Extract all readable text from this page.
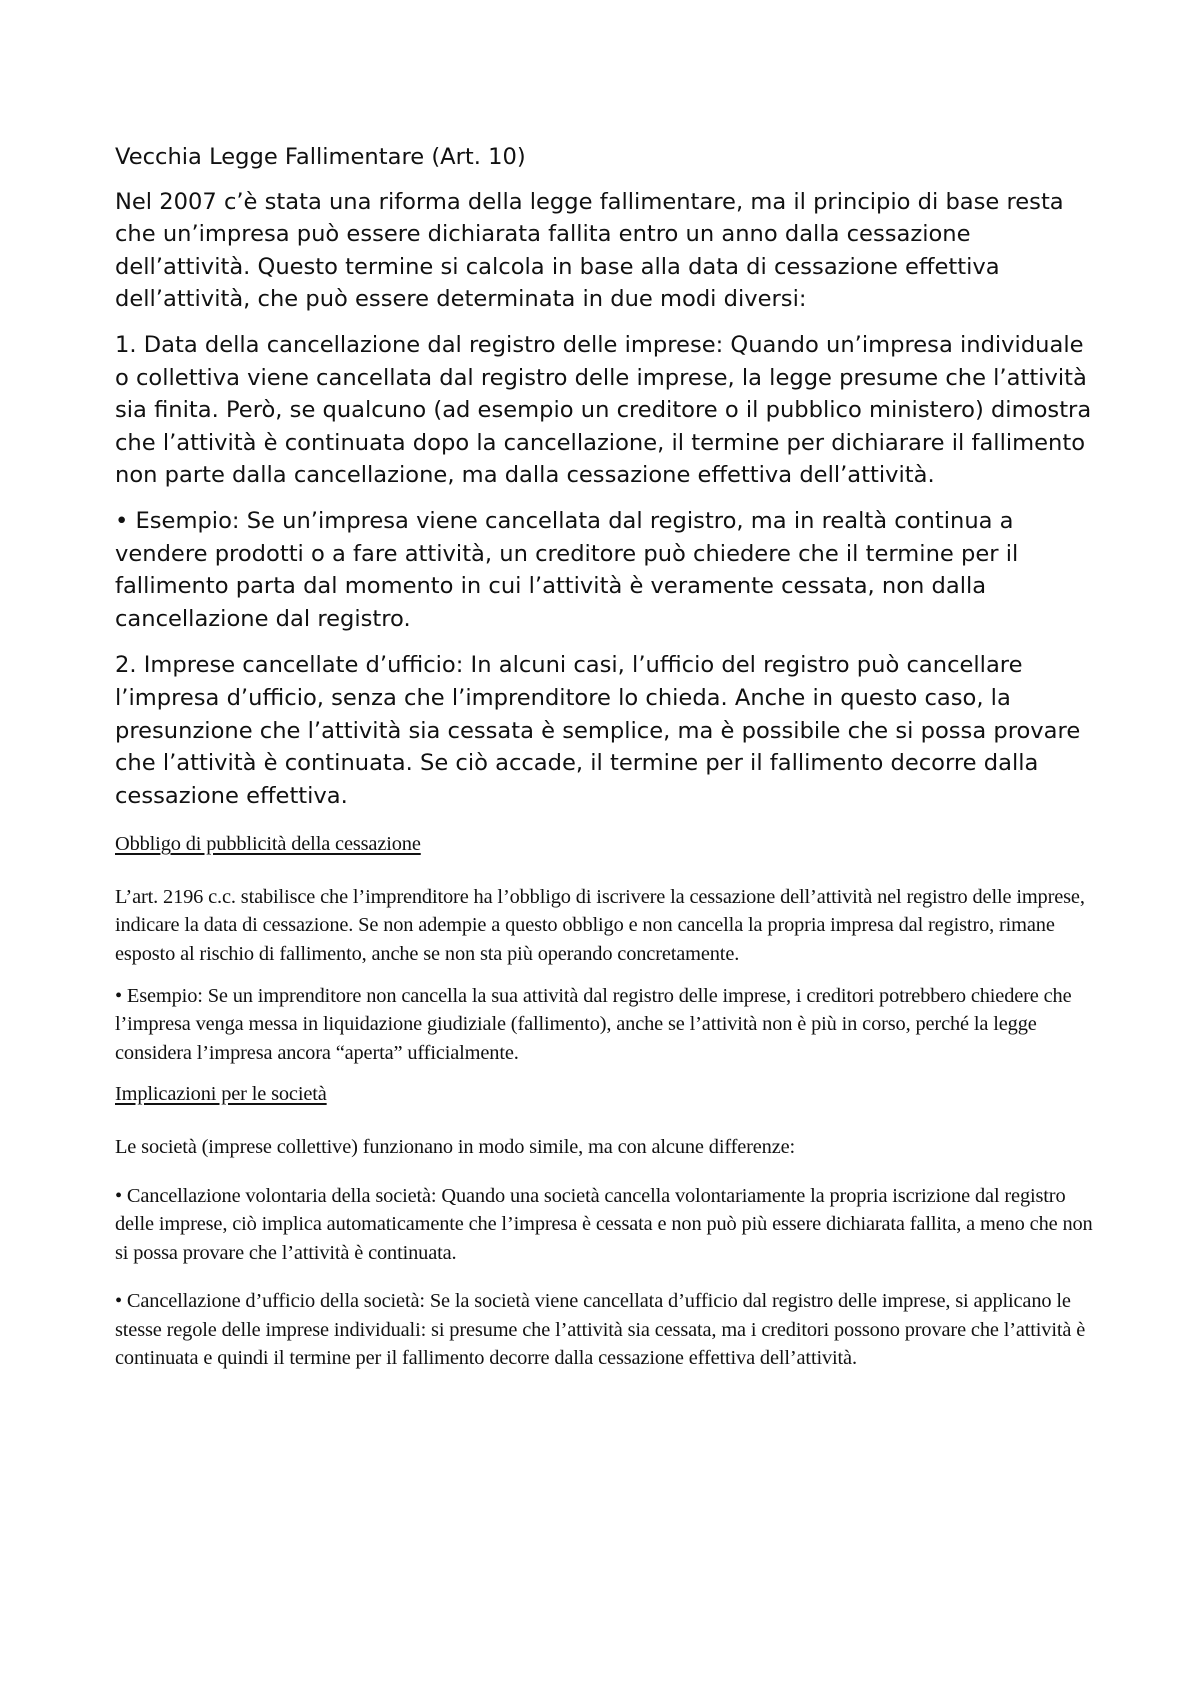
Vecchia Legge Fallimentare (Art. 10)

Nel 2007 c’è stata una riforma della legge fallimentare, ma il principio di base resta che un’impresa può essere dichiarata fallita entro un anno dalla cessazione dell’attività. Questo termine si calcola in base alla data di cessazione effettiva dell’attività, che può essere determinata in due modi diversi:

1. Data della cancellazione dal registro delle imprese: Quando un’impresa individuale o collettiva viene cancellata dal registro delle imprese, la legge presume che l’attività sia finita. Però, se qualcuno (ad esempio un creditore o il pubblico ministero) dimostra che l’attività è continuata dopo la cancellazione, il termine per dichiarare il fallimento non parte dalla cancellazione, ma dalla cessazione effettiva dell’attività.

• Esempio: Se un’impresa viene cancellata dal registro, ma in realtà continua a vendere prodotti o a fare attività, un creditore può chiedere che il termine per il fallimento parta dal momento in cui l’attività è veramente cessata, non dalla cancellazione dal registro.

2. Imprese cancellate d’ufficio: In alcuni casi, l’ufficio del registro può cancellare l’impresa d’ufficio, senza che l’imprenditore lo chieda. Anche in questo caso, la presunzione che l’attività sia cessata è semplice, ma è possibile che si possa provare che l’attività è continuata. Se ciò accade, il termine per il fallimento decorre dalla cessazione effettiva.

Obbligo di pubblicità della cessazione

L’art. 2196 c.c. stabilisce che l’imprenditore ha l’obbligo di iscrivere la cessazione dell’attività nel registro delle imprese, indicare la data di cessazione. Se non adempie a questo obbligo e non cancella la propria impresa dal registro, rimane esposto al rischio di fallimento, anche se non sta più operando concretamente.

• Esempio: Se un imprenditore non cancella la sua attività dal registro delle imprese, i creditori potrebbero chiedere che l’impresa venga messa in liquidazione giudiziale (fallimento), anche se l’attività non è più in corso, perché la legge considera l’impresa ancora “aperta” ufficialmente.

Implicazioni per le società

Le società (imprese collettive) funzionano in modo simile, ma con alcune differenze:

• Cancellazione volontaria della società: Quando una società cancella volontariamente la propria iscrizione dal registro delle imprese, ciò implica automaticamente che l’impresa è cessata e non può più essere dichiarata fallita, a meno che non si possa provare che l’attività è continuata.

• Cancellazione d’ufficio della società: Se la società viene cancellata d’ufficio dal registro delle imprese, si applicano le stesse regole delle imprese individuali: si presume che l’attività sia cessata, ma i creditori possono provare che l’attività è continuata e quindi il termine per il fallimento decorre dalla cessazione effettiva dell’attività.
